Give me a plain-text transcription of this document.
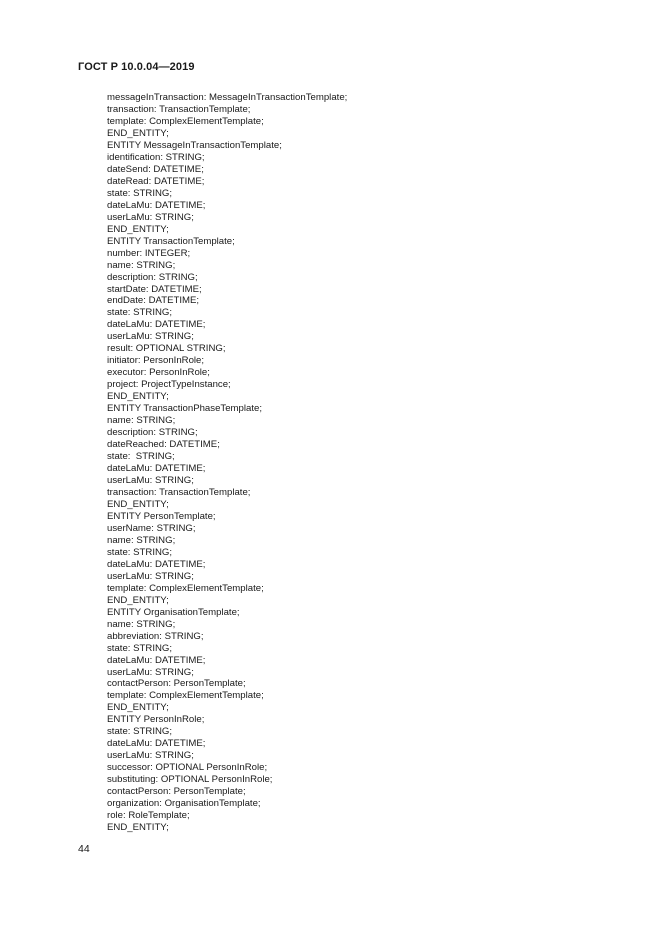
ГОСТ Р 10.0.04—2019
messageInTransaction: MessageInTransactionTemplate;
transaction: TransactionTemplate;
template: ComplexElementTemplate;
END_ENTITY;
ENTITY MessageInTransactionTemplate;
identification: STRING;
dateSend: DATETIME;
dateRead: DATETIME;
state: STRING;
dateLaMu: DATETIME;
userLaMu: STRING;
END_ENTITY;
ENTITY TransactionTemplate;
number: INTEGER;
name: STRING;
description: STRING;
startDate: DATETIME;
endDate: DATETIME;
state: STRING;
dateLaMu: DATETIME;
userLaMu: STRING;
result: OPTIONAL STRING;
initiator: PersonInRole;
executor: PersonInRole;
project: ProjectTypeInstance;
END_ENTITY;
ENTITY TransactionPhaseTemplate;
name: STRING;
description: STRING;
dateReached: DATETIME;
state:  STRING;
dateLaMu: DATETIME;
userLaMu: STRING;
transaction: TransactionTemplate;
END_ENTITY;
ENTITY PersonTemplate;
userName: STRING;
name: STRING;
state: STRING;
dateLaMu: DATETIME;
userLaMu: STRING;
template: ComplexElementTemplate;
END_ENTITY;
ENTITY OrganisationTemplate;
name: STRING;
abbreviation: STRING;
state: STRING;
dateLaMu: DATETIME;
userLaMu: STRING;
contactPerson: PersonTemplate;
template: ComplexElementTemplate;
END_ENTITY;
ENTITY PersonInRole;
state: STRING;
dateLaMu: DATETIME;
userLaMu: STRING;
successor: OPTIONAL PersonInRole;
substituting: OPTIONAL PersonInRole;
contactPerson: PersonTemplate;
organization: OrganisationTemplate;
role: RoleTemplate;
END_ENTITY;
44
